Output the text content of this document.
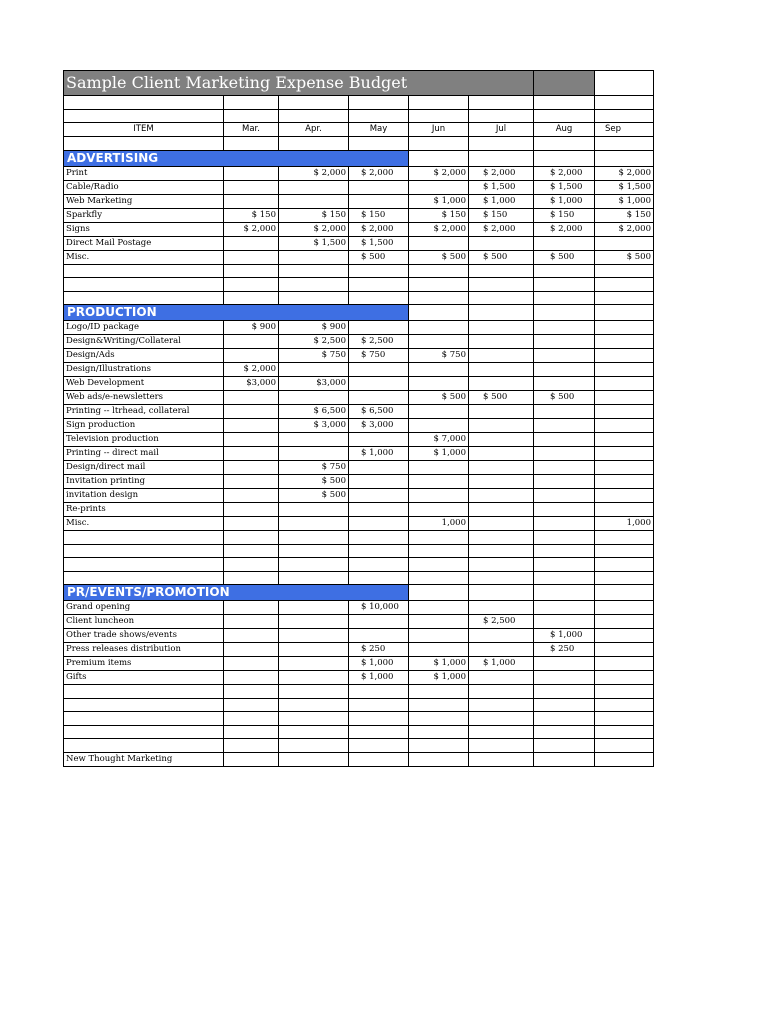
Sample Client Marketing Expense Budget							

ITEM	Mar.	Apr.	May	Jun	Jul	Aug	Sep

ADVERTISING							
Print		$ 2,000	$ 2,000	$ 2,000	$ 2,000	$ 2,000	$ 2,000
Cable/Radio					$ 1,500	$ 1,500	$ 1,500
Web Marketing				$ 1,000	$ 1,000	$ 1,000	$ 1,000
Sparkfly	$ 150	$ 150	$ 150	$ 150	$ 150	$ 150	$ 150
Signs	$ 2,000	$ 2,000	$ 2,000	$ 2,000	$ 2,000	$ 2,000	$ 2,000
Direct Mail Postage		$ 1,500	$ 1,500				
Misc.			$ 500	$ 500	$ 500	$ 500	$ 500

PRODUCTION							
Logo/ID package	$ 900	$ 900					
Design&Writing/Collateral		$ 2,500	$ 2,500				
Design/Ads		$ 750	$ 750	$ 750			
Design/Illustrations	$ 2,000						
Web Development	$3,000	$3,000					
Web ads/e-newsletters				$ 500	$ 500	$ 500	
Printing -- ltrhead, collateral		$ 6,500	$ 6,500				
Sign production		$ 3,000	$ 3,000				
Television production				$ 7,000			
Printing -- direct mail			$ 1,000	$ 1,000			
Design/direct mail		$ 750					
Invitation printing		$ 500					
invitation design		$ 500					
Re-prints							
Misc.				1,000			1,000

PR/EVENTS/PROMOTION							
Grand opening			$ 10,000				
Client luncheon					$ 2,500		
Other trade shows/events						$ 1,000	
Press releases distribution			$ 250			$ 250	
Premium items			$ 1,000	$ 1,000	$ 1,000		
Gifts			$ 1,000	$ 1,000			

New Thought Marketing							
